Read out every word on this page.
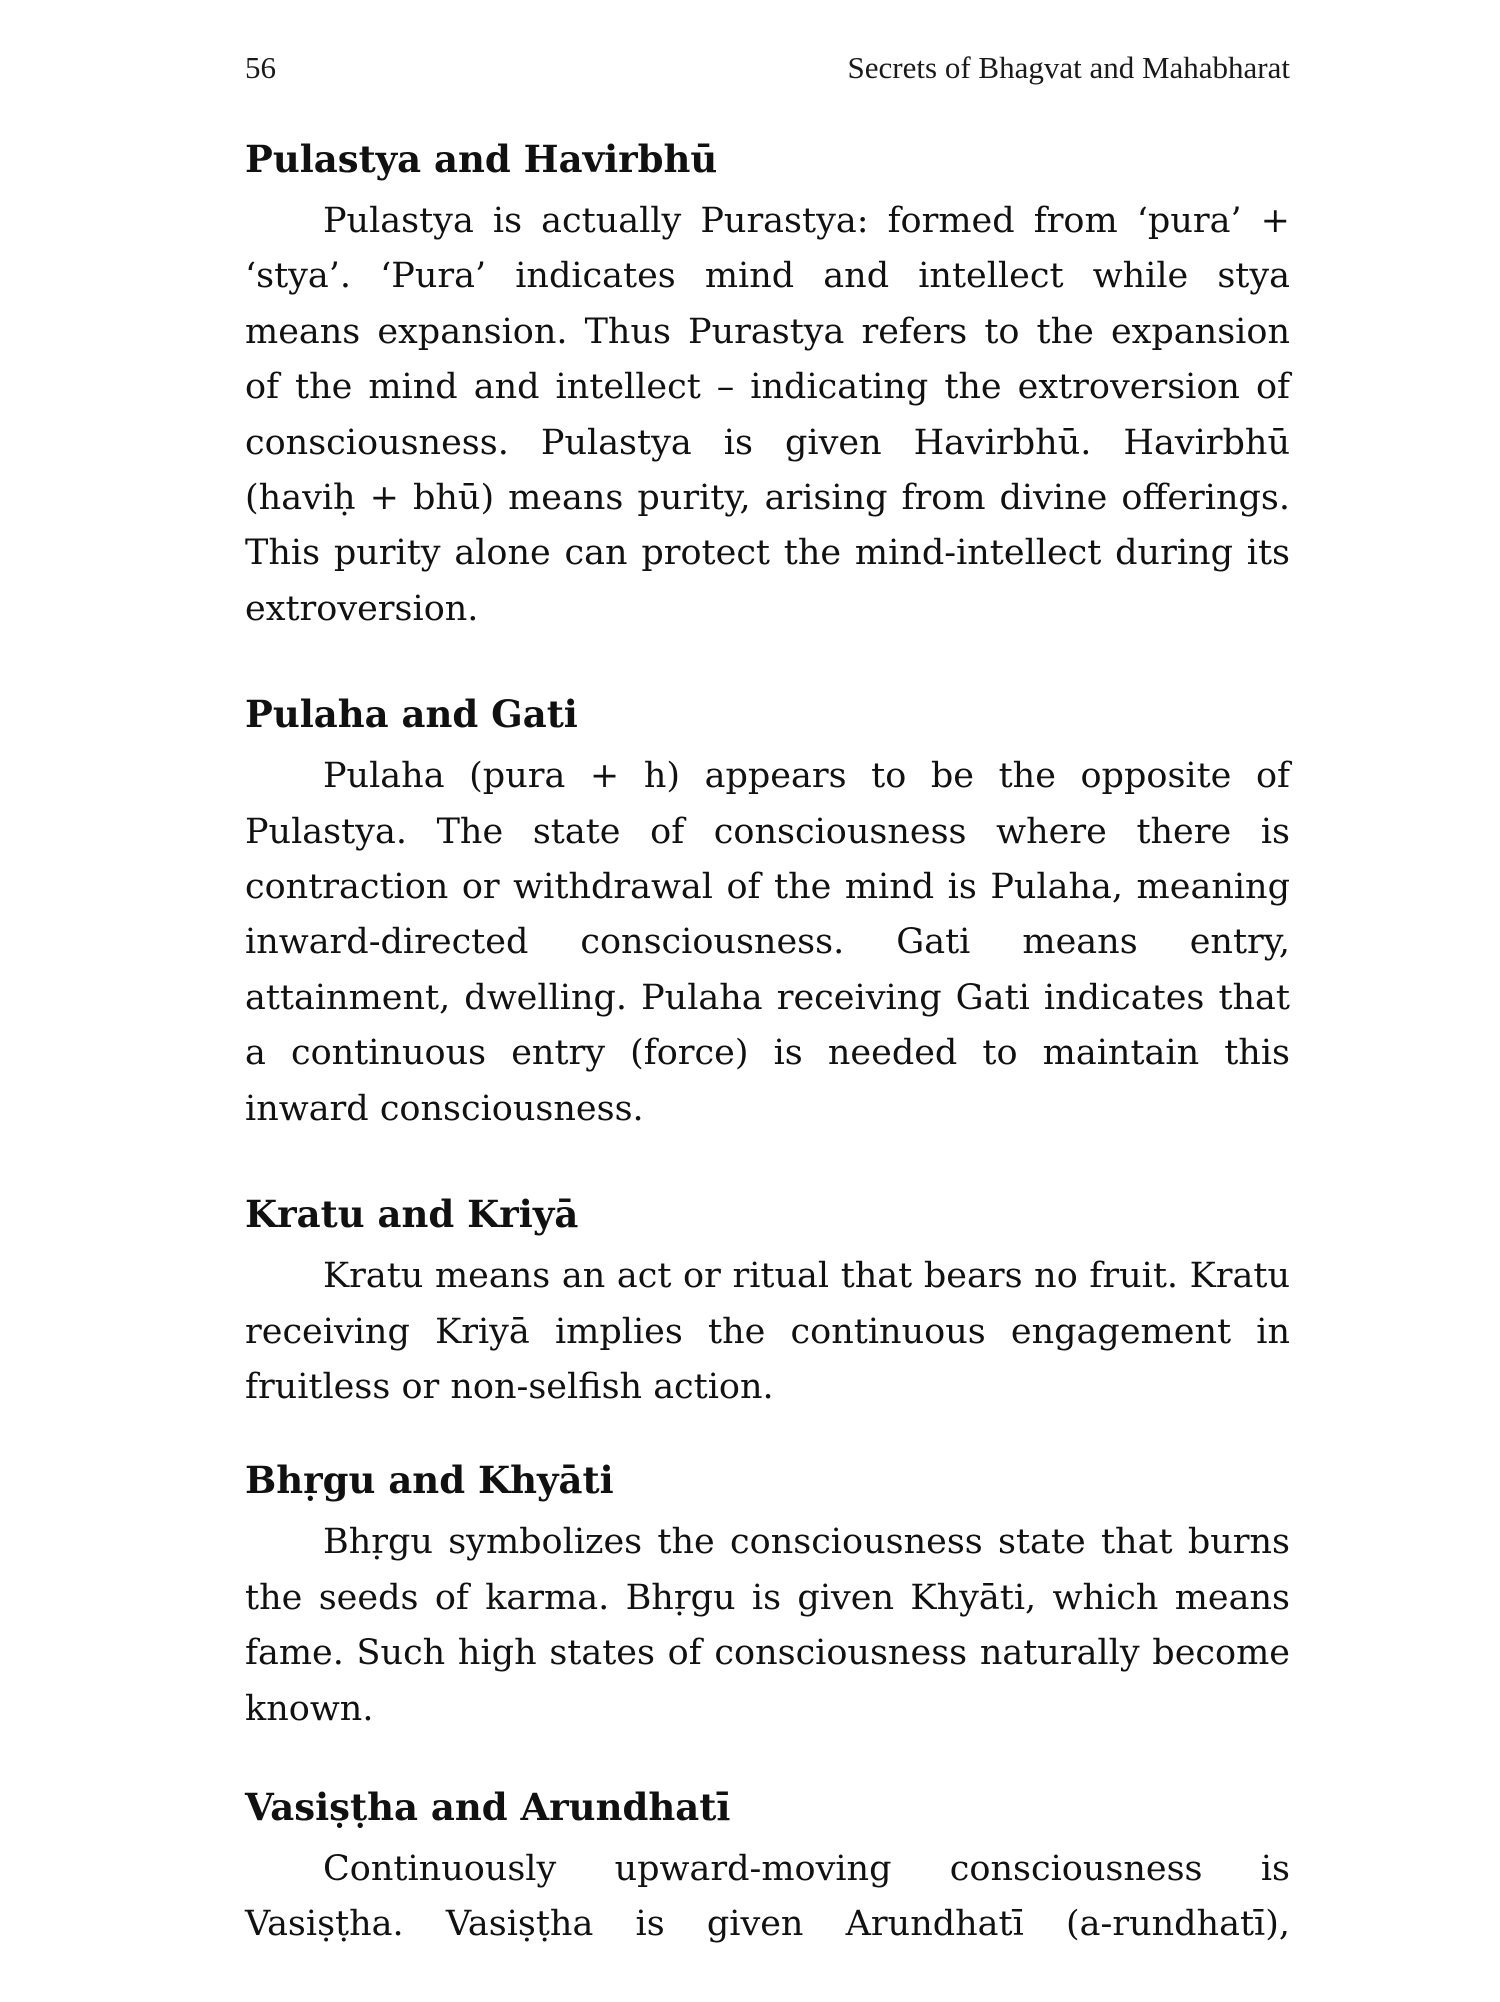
56	Secrets of Bhagvat and Mahabharat
Pulastya and Havirbhū

Pulastya is actually Purastya: formed from ‘pura’ + ‘stya’. ‘Pura’ indicates mind and intellect while stya means expansion. Thus Purastya refers to the expansion of the mind and intellect – indicating the extroversion of consciousness. Pulastya is given Havirbhū. Havirbhū (haviḥ + bhū) means purity, arising from divine offerings. This purity alone can protect the mind-intellect during its extroversion.

Pulaha and Gati

Pulaha (pura + h) appears to be the opposite of Pulastya. The state of consciousness where there is contraction or withdrawal of the mind is Pulaha, meaning inward-directed consciousness. Gati means entry, attainment, dwelling. Pulaha receiving Gati indicates that a continuous entry (force) is needed to maintain this inward consciousness.

Kratu and Kriyā

Kratu means an act or ritual that bears no fruit. Kratu receiving Kriyā implies the continuous engagement in fruitless or non-selfish action.

Bhṛgu and Khyāti

Bhṛgu symbolizes the consciousness state that burns the seeds of karma. Bhṛgu is given Khyāti, which means fame. Such high states of consciousness naturally become known.

Vasiṣṭha and Arundhatī

Continuously upward-moving consciousness is Vasiṣṭha. Vasiṣṭha is given Arundhatī (a-rundhatī),
